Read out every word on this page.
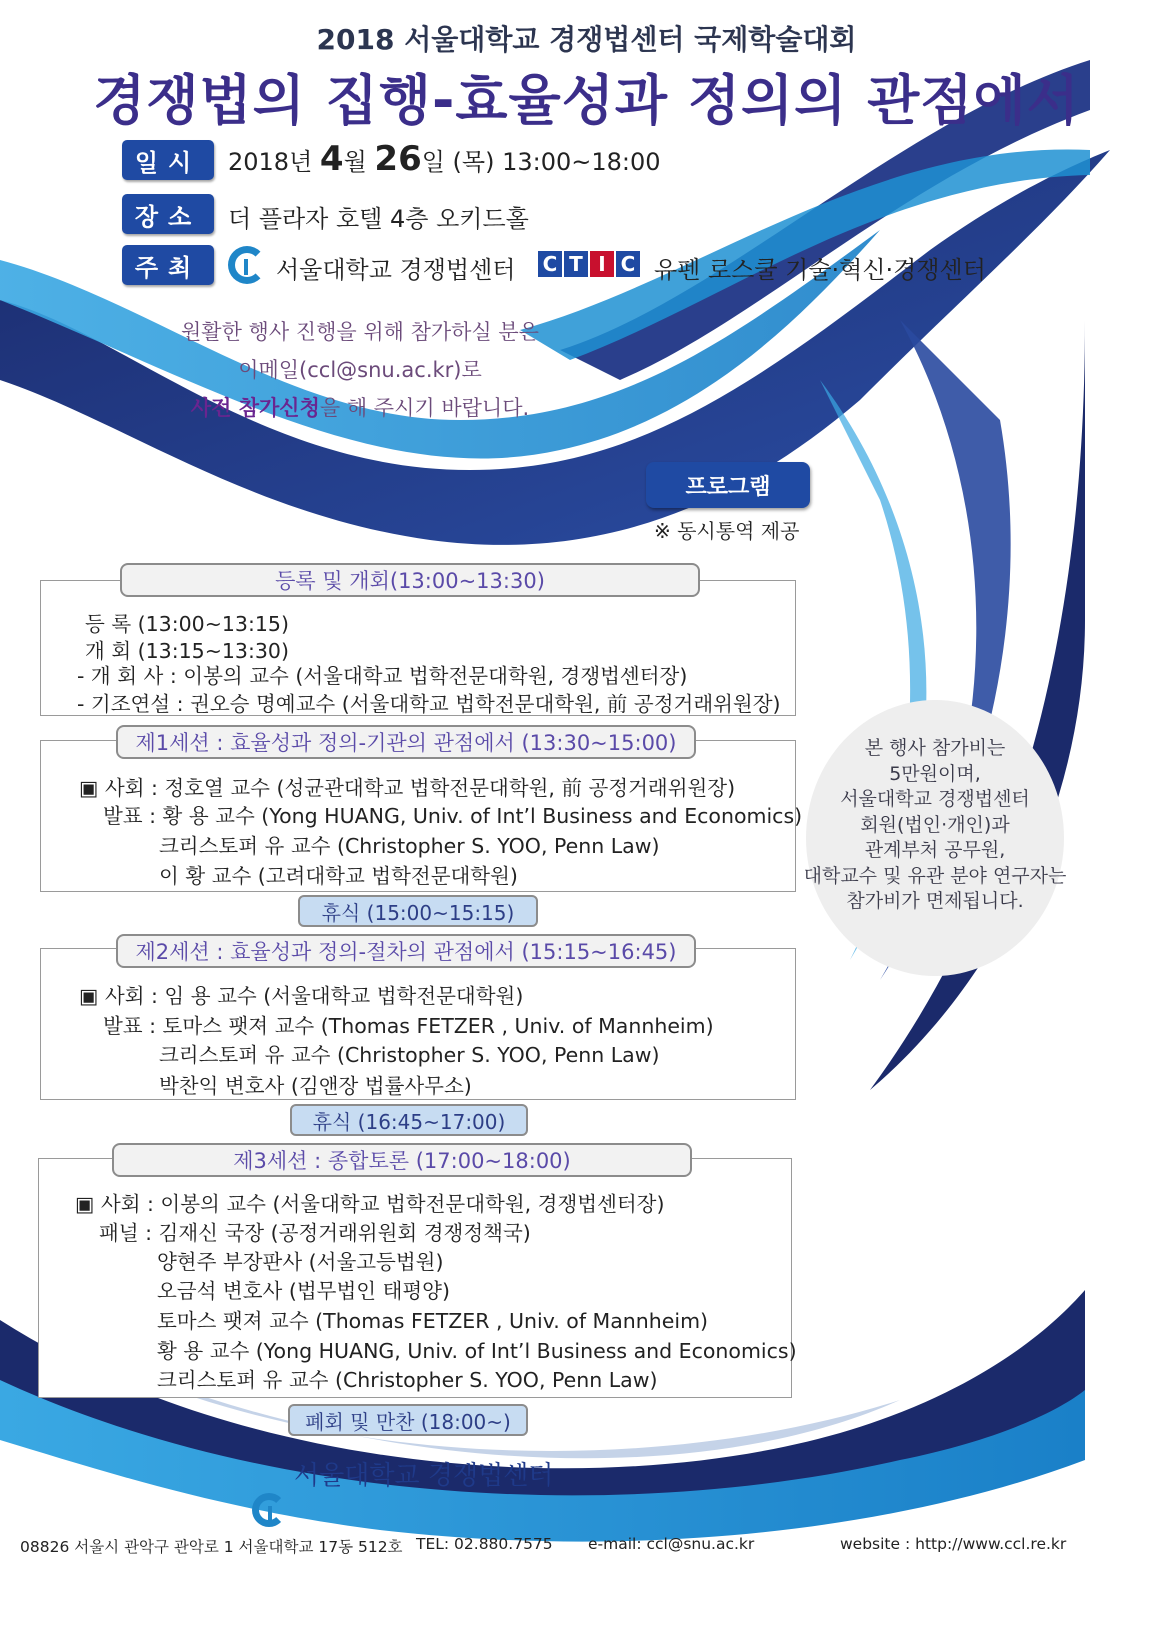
2018 서울대학교 경쟁법센터 국제학술대회
경쟁법의 집행-효율성과 정의의 관점에서
일시	2018년 4월 26일 (목) 13:00~18:00
장소	더 플라자 호텔 4층 오키드홀
주최	서울대학교 경쟁법센터 C T I C 유펜 로스쿨 기술·혁신·경쟁센터
원활한 행사 진행을 위해 참가하실 분은
이메일(ccl@snu.ac.kr)로
사전 참가신청을 해 주시기 바랍니다.
프로그램
※ 동시통역 제공
등 록 (13:00~13:15)
개 회 (13:15~13:30)
- 개 회 사 : 이봉의 교수 (서울대학교 법학전문대학원, 경쟁법센터장)
- 기조연설 : 권오승 명예교수 (서울대학교 법학전문대학원, 前 공정거래위원장)
등록 및 개회(13:00~13:30)
▣ 사회 : 정호열 교수 (성균관대학교 법학전문대학원, 前 공정거래위원장)
발표 : 황 용 교수 (Yong HUANG, Univ. of Int’l Business and Economics)
크리스토퍼 유 교수 (Christopher S. YOO, Penn Law)
이 황 교수 (고려대학교 법학전문대학원)
제1세션 : 효율성과 정의-기관의 관점에서 (13:30~15:00)
휴식 (15:00~15:15)
▣ 사회 : 임 용 교수 (서울대학교 법학전문대학원)
발표 : 토마스 팻져 교수 (Thomas FETZER , Univ. of Mannheim)
크리스토퍼 유 교수 (Christopher S. YOO, Penn Law)
박찬익 변호사 (김앤장 법률사무소)
제2세션 : 효율성과 정의-절차의 관점에서 (15:15~16:45)
휴식 (16:45~17:00)
▣ 사회 : 이봉의 교수 (서울대학교 법학전문대학원, 경쟁법센터장)
패널 : 김재신 국장 (공정거래위원회 경쟁정책국)
양현주 부장판사 (서울고등법원)
오금석 변호사 (법무법인 태평양)
토마스 팻져 교수 (Thomas FETZER , Univ. of Mannheim)
황 용 교수 (Yong HUANG, Univ. of Int’l Business and Economics)
크리스토퍼 유 교수 (Christopher S. YOO, Penn Law)
제3세션 : 종합토론 (17:00~18:00)
폐회 및 만찬 (18:00~)
본 행사 참가비는
5만원이며,
서울대학교 경쟁법센터
회원(법인·개인)과
관계부처 공무원,
대학교수 및 유관 분야 연구자는
참가비가 면제됩니다.
서울대학교 경쟁법센터
08826 서울시 관악구 관악로 1 서울대학교 17동 512호 TEL: 02.880.7575 e-mail: ccl@snu.ac.kr	website : http://www.ccl.re.kr
